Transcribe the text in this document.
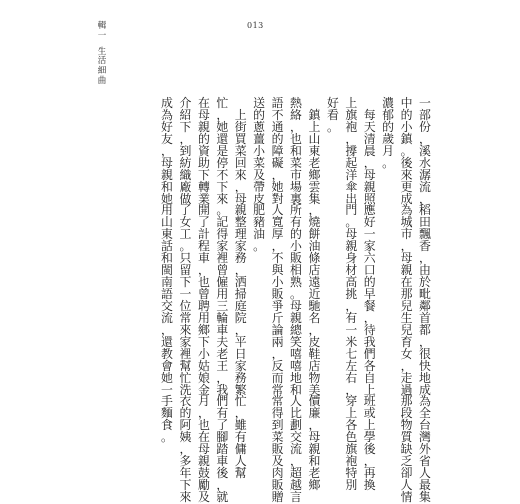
013
輯
一
生
活
細
曲
一
部
份
，
溪
水
潺
流
，
稻
田
飄
香
，
由
於
毗
鄰
首
都
，
很
快
地
成
為
全
台
灣
外
省
人
最
集
中
的
小
鎮
。
後
來
更
成
為
城
市
，
母
親
在
那
兒
生
兒
育
女
，
走
過
那
段
物
質
缺
乏
卻
人
情
濃
郁
的
歲
月
。

每
天
清
晨
，
母
親
照
應
好
一
家
六
口
的
早
餐
，
待
我
們
各
自
上
班
或
上
學
後
，
再
換
上
旗
袍
，
撐
起
洋
傘
出
門
。
母
親
身
材
高
挑
，
有
一
米
七
左
右
，
穿
上
各
色
旗
袍
特
別
好
看
。

鎮
上
山
東
老
鄉
雲
集
，
燒
餅
油
條
店
遠
近
馳
名
，
皮
鞋
店
物
美
價
廉
，
母
親
和
老
鄉
熱
絡
，
也
和
菜
市
場
裏
所
有
的
小
販
相
熟
。
母
親
總
笑
嘻
嘻
地
和
人
比
劃
交
流
，
超
越
言
語
不
通
的
障
礙
，
她
對
人
寬
厚
，
不
與
小
販
爭
斤
論
兩
，
反
而
常
常
得
到
菜
販
及
肉
販
贈
送
的
蔥
薑
小
菜
及
帶
皮
肥
豬
油
。

上
街
買
菜
回
來
，
母
親
整
理
家
務
，
洒
掃
庭
院
，
平
日
家
務
繁
忙
，
雖
有
傭
人
幫
忙
，
她
還
是
停
不
下
來
。
記
得
家
裡
曾
僱
用
三
輪
車
夫
老
王
，
我
們
有
了
腳
踏
車
後
，
就
在
母
親
的
資
助
下
轉
業
開
了
計
程
車
，
也
曾
聘
用
鄉
下
小
姑
娘
金
月
，
也
在
母
親
鼓
勵
及
介
紹
下
，
到
紡
織
廠
做
了
女
工
。
只
留
下
一
位
常
來
家
裡
幫
忙
洗
衣
的
阿
姨
，
多
年
下
來
成
為
好
友
，
母
親
和
她
用
山
東
話
和
閩
南
語
交
流
，
還
教
會
她
一
手
麵
食
。
